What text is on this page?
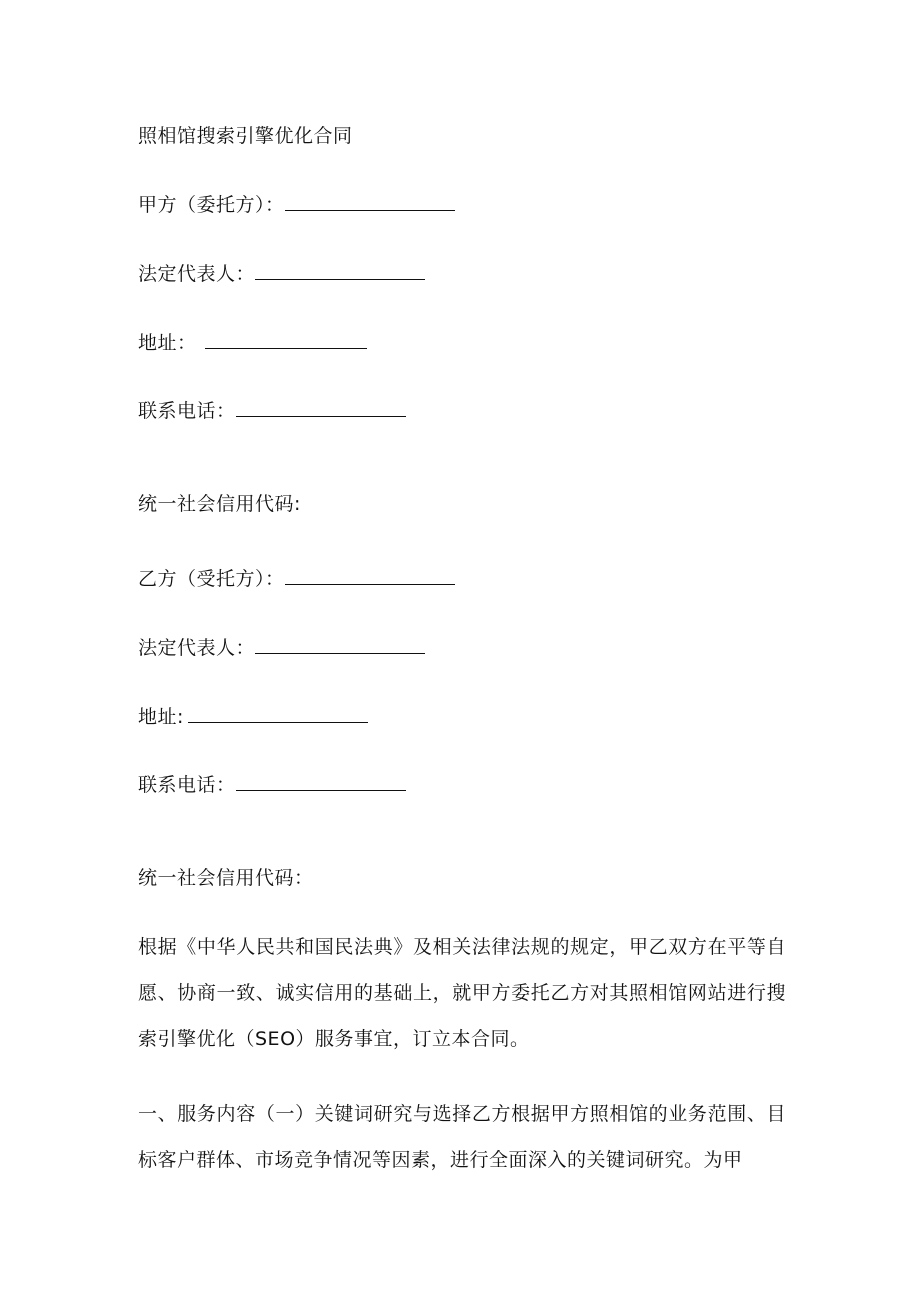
照相馆搜索引擎优化合同
甲方（委托方）：
法定代表人：
地址：
联系电话：
统一社会信用代码:
乙方（受托方）：
法定代表人：
地址:
联系电话：
统一社会信用代码：
根据《中华人民共和国民法典》及相关法律法规的规定，甲乙双方在平等自愿、协商一致、诚实信用的基础上，就甲方委托乙方对其照相馆网站进行搜索引擎优化（SEO）服务事宜，订立本合同。
一、服务内容（一）关键词研究与选择乙方根据甲方照相馆的业务范围、目标客户群体、市场竞争情况等因素，进行全面深入的关键词研究。为甲
